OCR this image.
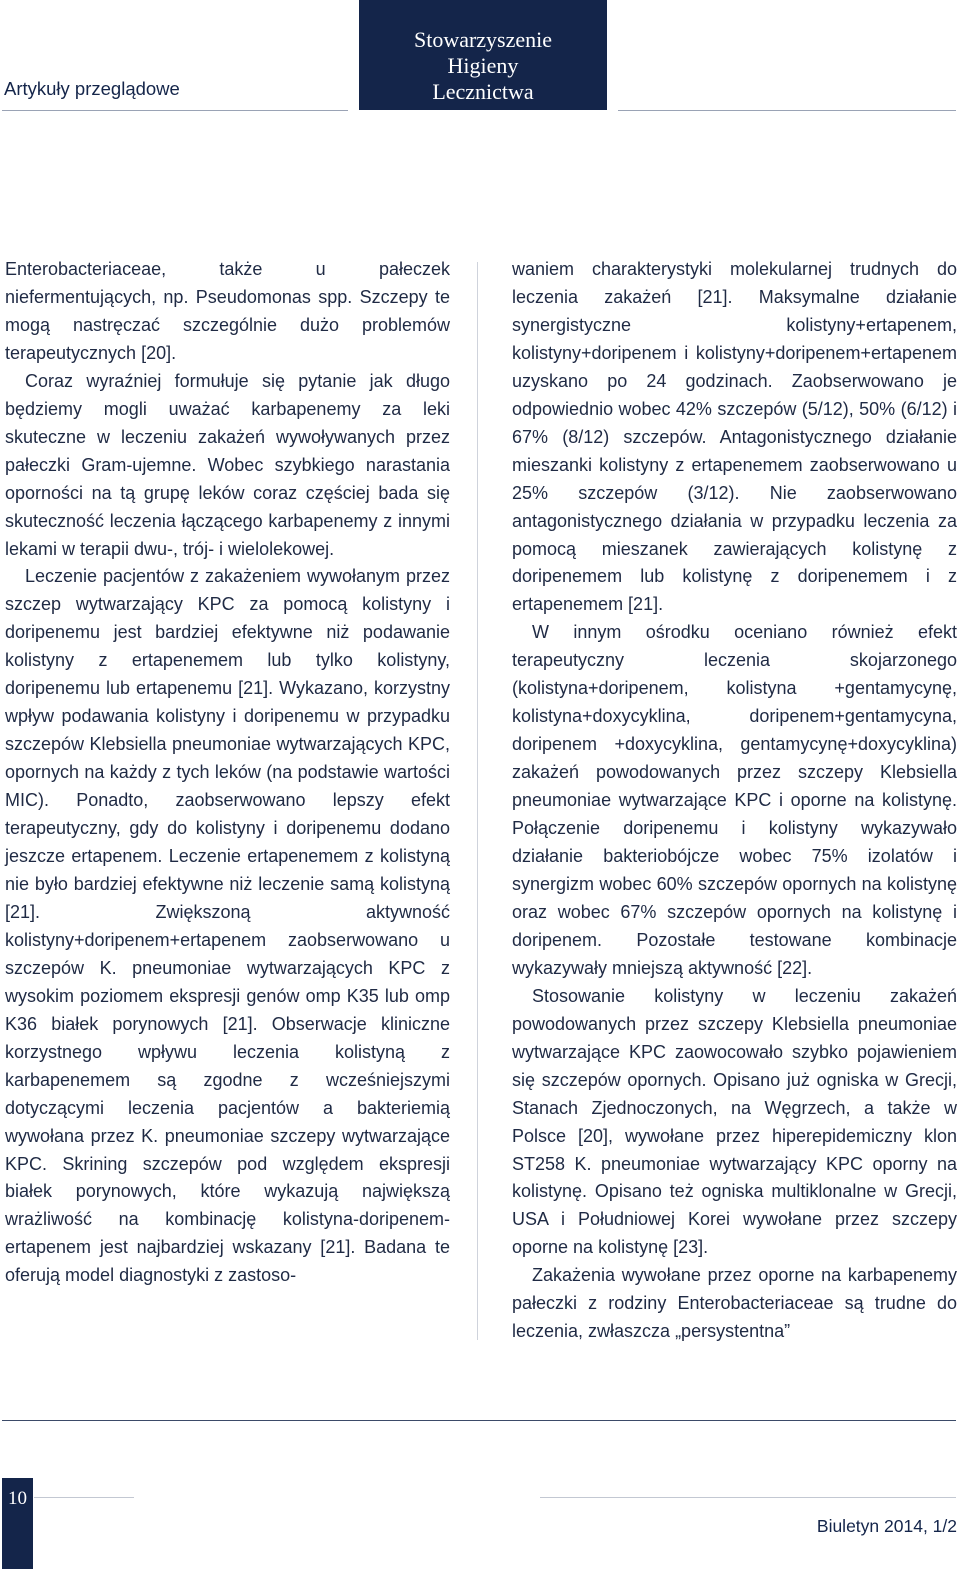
Artykuły przeglądowe
Stowarzyszenie
Higieny
Lecznictwa

Enterobacteriaceae, także u pałeczek niefermentujących, np. Pseudomonas spp. Szczepy te mogą nastręczać szczególnie dużo problemów terapeutycznych [20].

Coraz wyraźniej formułuje się pytanie jak długo będziemy mogli uważać karbapenemy za leki skuteczne w leczeniu zakażeń wywoływanych przez pałeczki Gram-ujemne. Wobec szybkiego narastania oporności na tą grupę leków coraz częściej bada się skuteczność leczenia łączącego karbapenemy z innymi lekami w terapii dwu-, trój- i wielolekowej.

Leczenie pacjentów z zakażeniem wywołanym przez szczep wytwarzający KPC za pomocą kolistyny i doripenemu jest bardziej efektywne niż podawanie kolistyny z ertapenemem lub tylko kolistyny, doripenemu lub ertapenemu [21]. Wykazano, korzystny wpływ podawania kolistyny i doripenemu w przypadku szczepów Klebsiella pneumoniae wytwarzających KPC, opornych na każdy z tych leków (na podstawie wartości MIC). Ponadto, zaobserwowano lepszy efekt terapeutyczny, gdy do kolistyny i doripenemu dodano jeszcze ertapenem. Leczenie ertapenemem z kolistyną nie było bardziej efektywne niż leczenie samą kolistyną [21]. Zwiększoną aktywność kolistyny+doripenem+ertapenem zaobserwowano u szczepów K. pneumoniae wytwarzających KPC z wysokim poziomem ekspresji genów omp K35 lub omp K36 białek porynowych [21]. Obserwacje kliniczne korzystnego wpływu leczenia kolistyną z karbapenemem są zgodne z wcześniejszymi dotyczącymi leczenia pacjentów a bakteriemią wywołana przez K. pneumoniae szczepy wytwarzające KPC. Skrining szczepów pod względem ekspresji białek porynowych, które wykazują największą wrażliwość na kombinację kolistyna-doripenem-ertapenem jest najbardziej wskazany [21]. Badana te oferują model diagnostyki z zastoso-

waniem charakterystyki molekularnej trudnych do leczenia zakażeń [21]. Maksymalne działanie synergistyczne kolistyny+ertapenem, kolistyny+doripenem i kolistyny+doripenem+ertapenem uzyskano po 24 godzinach. Zaobserwowano je odpowiednio wobec 42% szczepów (5/12), 50% (6/12) i 67% (8/12) szczepów. Antagonistycznego działanie mieszanki kolistyny z ertapenemem zaobserwowano u 25% szczepów (3/12). Nie zaobserwowano antagonistycznego działania w przypadku leczenia za pomocą mieszanek zawierających kolistynę z doripenemem lub kolistynę z doripenemem i z ertapenemem [21].

W innym ośrodku oceniano również efekt terapeutyczny leczenia skojarzonego (kolistyna+doripenem, kolistyna +gentamycynę, kolistyna+doxycyklina, doripenem+gentamycyna, doripenem +doxycyklina, gentamycynę+doxycyklina) zakażeń powodowanych przez szczepy Klebsiella pneumoniae wytwarzające KPC i oporne na kolistynę. Połączenie doripenemu i kolistyny wykazywało działanie bakteriobójcze wobec 75% izolatów i synergizm wobec 60% szczepów opornych na kolistynę oraz wobec 67% szczepów opornych na kolistynę i doripenem. Pozostałe testowane kombinacje wykazywały mniejszą aktywność [22].

Stosowanie kolistyny w leczeniu zakażeń powodowanych przez szczepy Klebsiella pneumoniae wytwarzające KPC zaowocowało szybko pojawieniem się szczepów opornych. Opisano już ogniska w Grecji, Stanach Zjednoczonych, na Węgrzech, a także w Polsce [20], wywołane przez hiperepidemiczny klon ST258 K. pneumoniae wytwarzający KPC oporny na kolistynę. Opisano też ogniska multiklonalne w Grecji, USA i Południowej Korei wywołane przez szczepy oporne na kolistynę [23].

Zakażenia wywołane przez oporne na karbapenemy pałeczki z rodziny Enterobacteriaceae są trudne do leczenia, zwłaszcza „persystentna”

10
Biuletyn 2014, 1/2
